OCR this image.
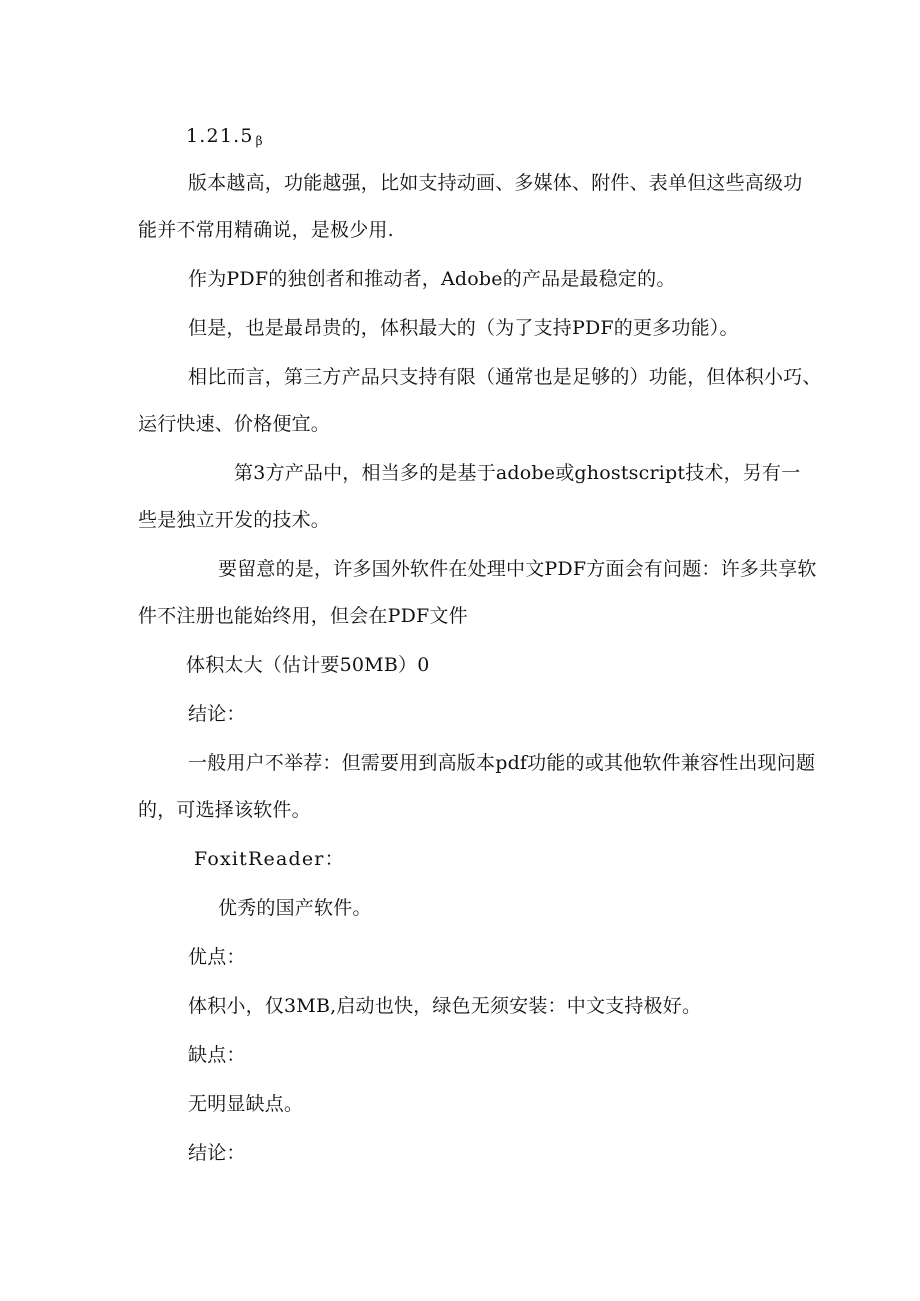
1.21.5 $_\beta$
版本越高，功能越强，比如支持动画、多媒体、附件、表单但这些高级功
能并不常用精确说，是极少用.
作为PDF的独创者和推动者，Adobe的产品是最稳定的。
但是，也是最昂贵的，体积最大的（为了支持PDF的更多功能）。
相比而言，第三方产品只支持有限（通常也是足够的）功能，但体积小巧、
运行快速、价格便宜。
第3方产品中，相当多的是基于adobe或ghostscript技术，另有一
些是独立开发的技术。
要留意的是，许多国外软件在处理中文PDF方面会有问题：许多共享软
件不注册也能始终用，但会在PDF文件
体积太大（估计要50MB）0
结论：
一般用户不举荐：但需要用到高版本pdf功能的或其他软件兼容性出现问题
的，可选择该软件。
FoxitReader：
优秀的国产软件。
优点：
体积小，仅3MB,启动也快，绿色无须安装：中文支持极好。
缺点：
无明显缺点。
结论：
